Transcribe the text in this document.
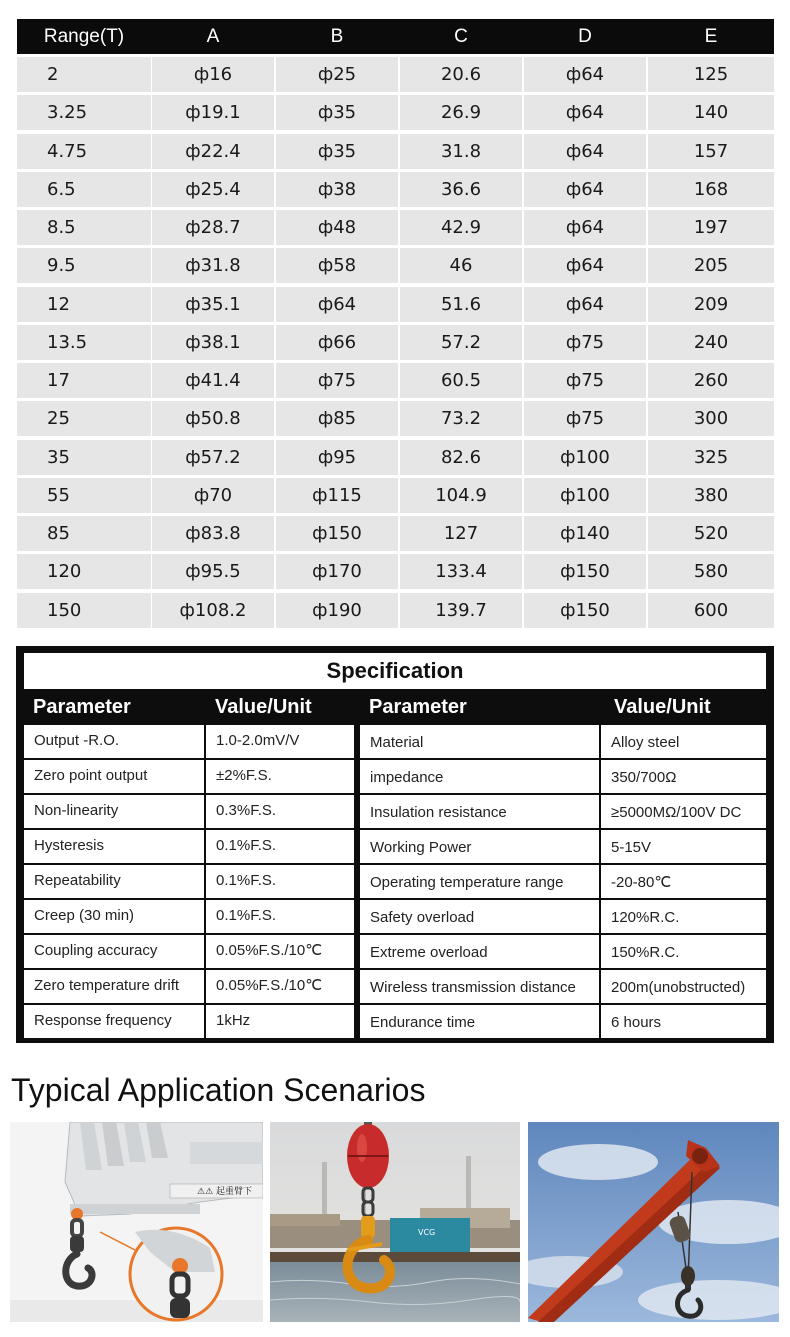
Range(T)	A	B	C	D	E
2	ф16	ф25	20.6	ф64	125
3.25	ф19.1	ф35	26.9	ф64	140
4.75	ф22.4	ф35	31.8	ф64	157
6.5	ф25.4	ф38	36.6	ф64	168
8.5	ф28.7	ф48	42.9	ф64	197
9.5	ф31.8	ф58	46	ф64	205
12	ф35.1	ф64	51.6	ф64	209
13.5	ф38.1	ф66	57.2	ф75	240
17	ф41.4	ф75	60.5	ф75	260
25	ф50.8	ф85	73.2	ф75	300
35	ф57.2	ф95	82.6	ф100	325
55	ф70	ф115	104.9	ф100	380
85	ф83.8	ф150	127	ф140	520
120	ф95.5	ф170	133.4	ф150	580
150	ф108.2	ф190	139.7	ф150	600
Specification
Parameter	Value/Unit	Parameter	Value/Unit
Output -R.O.	1.0-2.0mV/V	Material	Alloy steel
Zero point output	±2%F.S.	impedance	350/700Ω
Non-linearity	0.3%F.S.	Insulation resistance	≥5000MΩ/100V DC
Hysteresis	0.1%F.S.	Working Power	5-15V
Repeatability	0.1%F.S.	Operating temperature range	-20-80℃
Creep (30 min)	0.1%F.S.	Safety overload	120%R.C.
Coupling accuracy	0.05%F.S./10℃	Extreme overload	150%R.C.
Zero temperature drift	0.05%F.S./10℃	Wireless transmission distance	200m(unobstructed)
Response frequency	1kHz	Endurance time	6 hours
Typical Application Scenarios
⚠⚠ 起重臂下
VCG
